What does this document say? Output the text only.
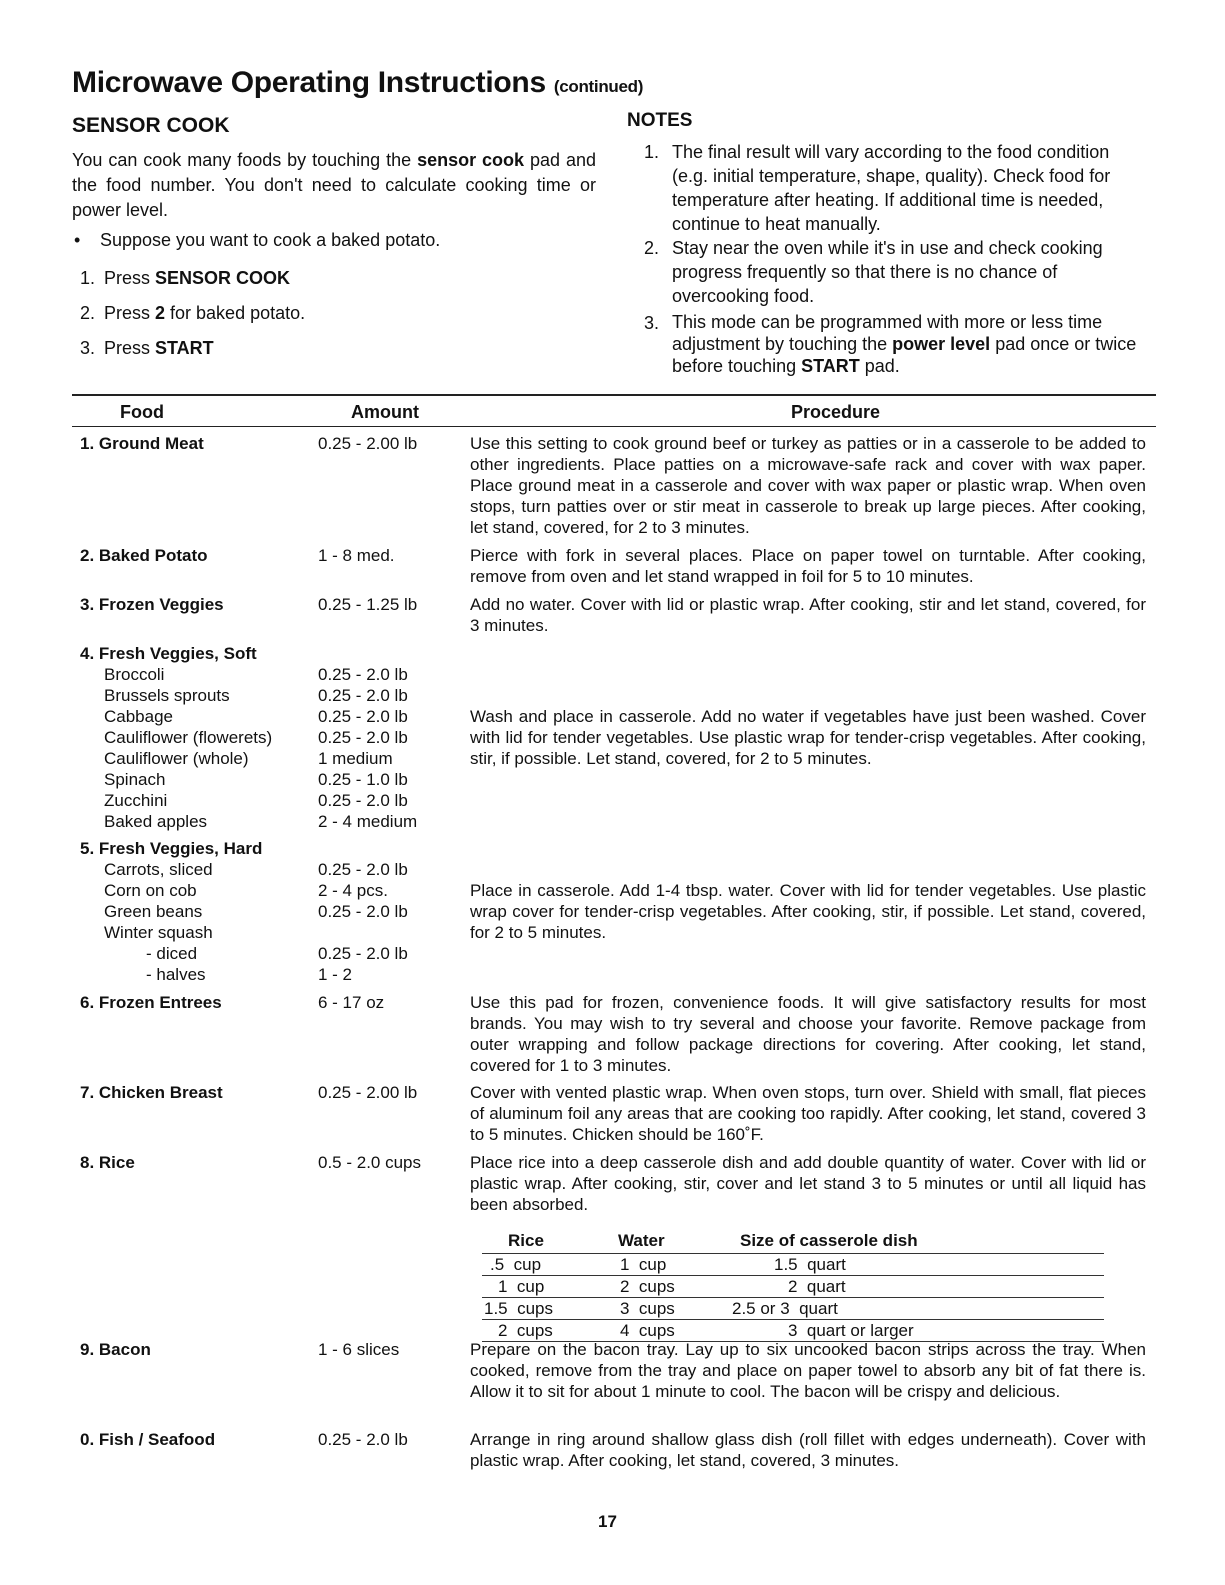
Microwave Operating Instructions (continued)
SENSOR COOK
You can cook many foods by touching the sensor cook pad and the food number. You don't need to calculate cooking time or power level.
• Suppose you want to cook a baked potato.
1. Press SENSOR COOK
2. Press 2 for baked potato.
3. Press START
NOTES
1. The final result will vary according to the food condition (e.g. initial temperature, shape, quality). Check food for temperature after heating. If additional time is needed, continue to heat manually.
2. Stay near the oven while it's in use and check cooking progress frequently so that there is no chance of overcooking food.
3. This mode can be programmed with more or less time adjustment by touching the power level pad once or twice before touching START pad.
Food	Amount	Procedure
1. Ground Meat	0.25 - 2.00 lb	Use this setting to cook ground beef or turkey as patties or in a casserole to be added to other ingredients. Place patties on a microwave-safe rack and cover with wax paper. Place ground meat in a casserole and cover with wax paper or plastic wrap. When oven stops, turn patties over or stir meat in casserole to break up large pieces. After cooking, let stand, covered, for 2 to 3 minutes.
2. Baked Potato	1 - 8 med.	Pierce with fork in several places. Place on paper towel on turntable. After cooking, remove from oven and let stand wrapped in foil for 5 to 10 minutes.
3. Frozen Veggies	0.25 - 1.25 lb	Add no water. Cover with lid or plastic wrap. After cooking, stir and let stand, covered, for 3 minutes.
4. Fresh Veggies, Soft
Broccoli	0.25 - 2.0 lb
Brussels sprouts	0.25 - 2.0 lb
Cabbage	0.25 - 2.0 lb
Cauliflower (flowerets)	0.25 - 2.0 lb
Cauliflower (whole)	1 medium
Spinach	0.25 - 1.0 lb
Zucchini	0.25 - 2.0 lb
Baked apples	2 - 4 medium
Wash and place in casserole. Add no water if vegetables have just been washed. Cover with lid for tender vegetables. Use plastic wrap for tender-crisp vegetables. After cooking, stir, if possible. Let stand, covered, for 2 to 5 minutes.
5. Fresh Veggies, Hard
Carrots, sliced	0.25 - 2.0 lb
Corn on cob	2 - 4 pcs.
Green beans	0.25 - 2.0 lb
Winter squash
- diced	0.25 - 2.0 lb
- halves	1 - 2
Place in casserole. Add 1-4 tbsp. water. Cover with lid for tender vegetables. Use plastic wrap cover for tender-crisp vegetables. After cooking, stir, if possible. Let stand, covered, for 2 to 5 minutes.
6. Frozen Entrees	6 - 17 oz	Use this pad for frozen, convenience foods. It will give satisfactory results for most brands. You may wish to try several and choose your favorite. Remove package from outer wrapping and follow package directions for covering. After cooking, let stand, covered for 1 to 3 minutes.
7. Chicken Breast	0.25 - 2.00 lb	Cover with vented plastic wrap. When oven stops, turn over. Shield with small, flat pieces of aluminum foil any areas that are cooking too rapidly. After cooking, let stand, covered 3 to 5 minutes. Chicken should be 160˚F.
8. Rice	0.5 - 2.0 cups	Place rice into a deep casserole dish and add double quantity of water. Cover with lid or plastic wrap. After cooking, stir, cover and let stand 3 to 5 minutes or until all liquid has been absorbed.
Rice	Water	Size of casserole dish
.5  cup	1  cup	1.5  quart
1  cup	2  cups	2  quart
1.5  cups	3  cups	2.5 or 3  quart
2  cups	4  cups	3  quart or larger
9. Bacon	1 - 6 slices	Prepare on the bacon tray. Lay up to six uncooked bacon strips across the tray. When cooked, remove from the tray and place on paper towel to absorb any bit of fat there is. Allow it to sit for about 1 minute to cool. The bacon will be crispy and delicious.
0. Fish / Seafood	0.25 - 2.0 lb	Arrange in ring around shallow glass dish (roll fillet with edges underneath). Cover with plastic wrap. After cooking, let stand, covered, 3 minutes.
17
